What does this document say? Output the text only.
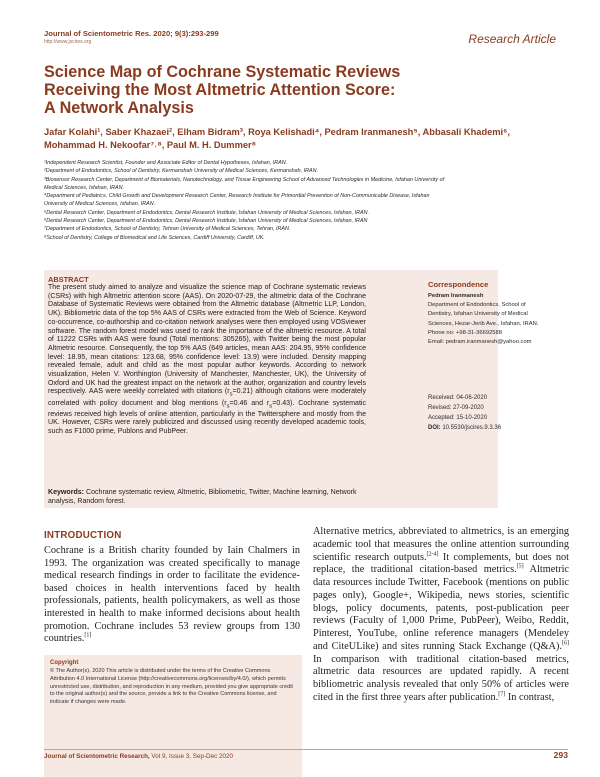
Journal of Scientometric Res. 2020; 9(3):293-299
http://www.jscires.org	Research Article
Science Map of Cochrane Systematic Reviews
Receiving the Most Altmetric Attention Score:
A Network Analysis
Jafar Kolahi¹, Saber Khazaei², Elham Bidram³, Roya Kelishadi⁴, Pedram Iranmanesh⁵, Abbasali Khademi⁶,
Mohammad H. Nekoofar⁷˒⁸, Paul M. H. Dummer⁸
¹Independent Research Scientist, Founder and Associate Editor of Dental Hypotheses, Isfahan, IRAN.
²Department of Endodontics, School of Dentistry, Kermanshah University of Medical Sciences, Kermanshah, IRAN.
³Biosensor Research Center, Department of Biomaterials, Nanotechnology, and Tissue Engineering School of Advanced Technologies in Medicine, Isfahan University of
Medical Sciences, Isfahan, IRAN.
⁴Department of Pediatrics, Child Growth and Development Research Center, Research Institute for Primordial Prevention of Non-Communicable Disease, Isfahan
University of Medical Sciences, Isfahan, IRAN.
⁵Dental Research Center, Department of Endodontics, Dental Research Institute, Isfahan University of Medical Sciences, Isfahan, IRAN.
⁶Dental Research Center, Department of Endodontics, Dental Research Institute, Isfahan University of Medical Sciences, Isfahan, IRAN
⁷Department of Endodontics, School of Dentistry, Tehran University of Medical Sciences, Tehran, IRAN.
⁸School of Dentistry, College of Biomedical and Life Sciences, Cardiff University, Cardiff, UK.
ABSTRACT
The present study aimed to analyze and visualize the science map of Cochrane systematic reviews (CSRs) with high Altmetric attention score (AAS). On 2020-07-29, the altmetric data of the Cochrane Database of Systematic Reviews were obtained from the Altmetric database (Altmetric LLP, London, UK). Bibliometric data of the top 5% AAS of CSRs were extracted from the Web of Science. Keyword co-occurrence, co-authorship and co-citation network analyses were then employed using VOSviewer software. The random forest model was used to rank the importance of the altmetric resource. A total of 11222 CSRs with AAS were found (Total mentions: 305265), with Twitter being the most popular Altmetric resource. Consequently, the top 5% AAS (649 articles, mean AAS: 204.95, 95% confidence level: 18.95, mean citations: 123.68, 95% confidence level: 13.9) were included. Density mapping revealed female, adult and child as the most popular author keywords. According to network visualization, Helen V. Worthington (University of Manchester, Manchester, UK), the University of Oxford and UK had the greatest impact on the network at the author, organization and country levels respectively. AAS were weekly correlated with citations $(r_s=0.21)$ although citations were moderately correlated with policy document and blog mentions ($r_s=0.46$ and $r_s=0.43$). Cochrane systematic reviews received high levels of online attention, particularly in the Twittersphere and mostly from the UK. However, CSRs were rarely publicized and discussed using recently developed academic tools, such as F1000 prime, Publons and PubPeer.
Keywords: Cochrane systematic review, Altmetric, Bibliometric, Twitter, Machine learning, Network analysis, Random forest.
Correspondence
Pedram Iranmanesh
Department of Endodontics, School of
Dentistry, Isfahan University of Medical
Sciences, Hezar-Jerib Ave., Isfahan, IRAN.
Phone no: +98-31-36692588
Email: pedram.iranmanesh@yahoo.com
Received: 04-06-2020
Revised: 27-09-2020
Accepted: 15-10-2020
DOI: 10.5530/jscires.9.3.36
INTRODUCTION
Cochrane is a British charity founded by Iain Chalmers in 1993. The organization was created specifically to manage medical research findings in order to facilitate the evidence-based choices in health interventions faced by health professionals, patients, health policymakers, as well as those interested in health to make informed decisions about health promotion. Cochrane includes 53 review groups from 130 countries.[1]
Copyright
© The Author(s). 2020 This article is distributed under the terms of the Creative Commons Attribution 4.0 International License (http://creativecommons.org/licenses/by/4.0/), which permits unrestricted use, distribution, and reproduction in any medium, provided you give appropriate credit to the original author(s) and the source, provide a link to the Creative Commons license, and indicate if changes were made.
Alternative metrics, abbreviated to altmetrics, is an emerging academic tool that measures the online attention surrounding scientific research outputs.[2-4] It complements, but does not replace, the traditional citation-based metrics.[5] Altmetric data resources include Twitter, Facebook (mentions on public pages only), Google+, Wikipedia, news stories, scientific blogs, policy documents, patents, post-publication peer reviews (Faculty of 1,000 Prime, PubPeer), Weibo, Reddit, Pinterest, YouTube, online reference managers (Mendeley and CiteULike) and sites running Stack Exchange (Q&A).[6] In comparison with traditional citation-based metrics, altmetric data resources are updated rapidly. A recent bibliometric analysis revealed that only 50% of articles were cited in the first three years after publication.[7] In contrast,
Journal of Scientometric Research, Vol 9, Issue 3, Sep-Dec 2020	293
